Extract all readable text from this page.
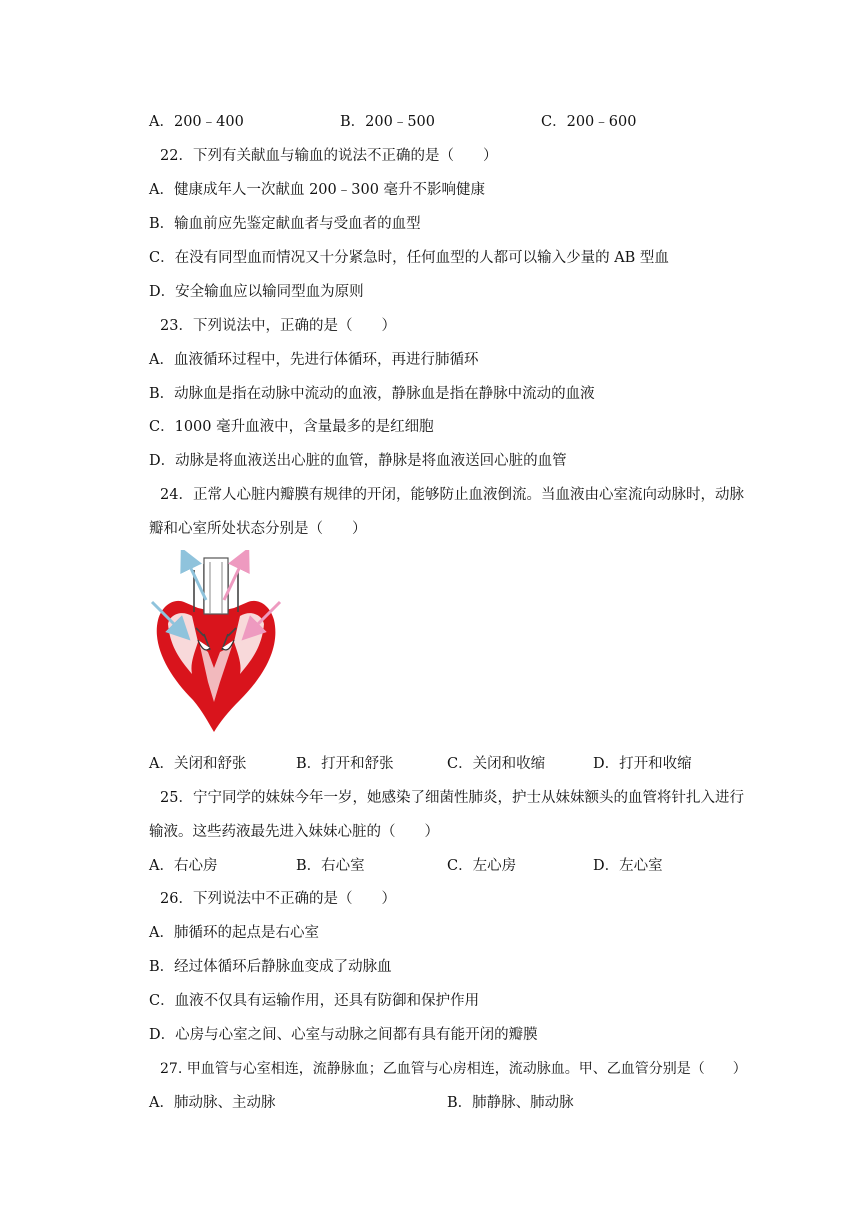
A．200﹣400	B．200﹣500	C．200﹣600
22．下列有关献血与输血的说法不正确的是（　　）
A．健康成年人一次献血 200﹣300 毫升不影响健康
B．输血前应先鉴定献血者与受血者的血型
C．在没有同型血而情况又十分紧急时，任何血型的人都可以输入少量的 AB 型血
D．安全输血应以输同型血为原则
23．下列说法中，正确的是（　　）
A．血液循环过程中，先进行体循环，再进行肺循环
B．动脉血是指在动脉中流动的血液，静脉血是指在静脉中流动的血液
C．1000 毫升血液中，含量最多的是红细胞
D．动脉是将血液送出心脏的血管，静脉是将血液送回心脏的血管
24．正常人心脏内瓣膜有规律的开闭，能够防止血液倒流。当血液由心室流向动脉时，动脉
瓣和心室所处状态分别是（　　）
A．关闭和舒张	B．打开和舒张	C．关闭和收缩	D．打开和收缩
25．宁宁同学的妹妹今年一岁，她感染了细菌性肺炎，护士从妹妹额头的血管将针扎入进行
输液。这些药液最先进入妹妹心脏的（　　）
A．右心房	B．右心室	C．左心房	D．左心室
26．下列说法中不正确的是（　　）
A．肺循环的起点是右心室
B．经过体循环后静脉血变成了动脉血
C．血液不仅具有运输作用，还具有防御和保护作用
D．心房与心室之间、心室与动脉之间都有具有能开闭的瓣膜
27. 甲血管与心室相连，流静脉血；乙血管与心房相连，流动脉血。甲、乙血管分别是（　　）
A．肺动脉、主动脉	B．肺静脉、肺动脉
